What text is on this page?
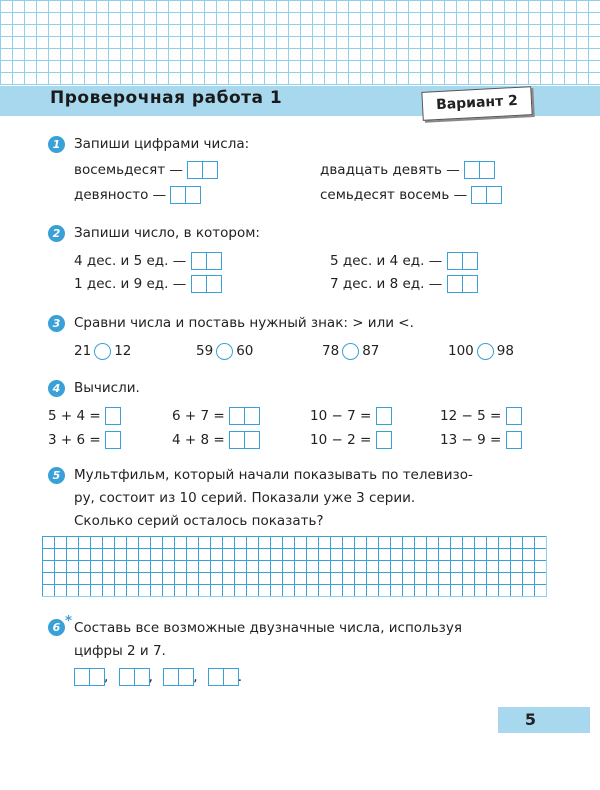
Проверочная работа 1	Вариант 2
1	Запиши цифрами числа:
восемьдесят —	двадцать девять —
девяносто —	семьдесят восемь —
2	Запиши число, в котором:
4 дес. и 5 ед. —	5 дес. и 4 ед. —
1 дес. и 9 ед. —	7 дес. и 8 ед. —
3	Сравни числа и поставь нужный знак: > или <.
21 12	59 60	78 87	100 98
4	Вычисли.
5 + 4 =	6 + 7 =	10 − 7 =	12 − 5 =
3 + 6 =	4 + 8 =	10 − 2 =	13 − 9 =
5	Мультфильм, который начали показывать по телевизо-
ру, состоит из 10 серий. Показали уже 3 серии.
Сколько серий осталось показать?
6 * Составь все возможные двузначные числа, используя
цифры 2 и 7.
,	,	,	.
5
